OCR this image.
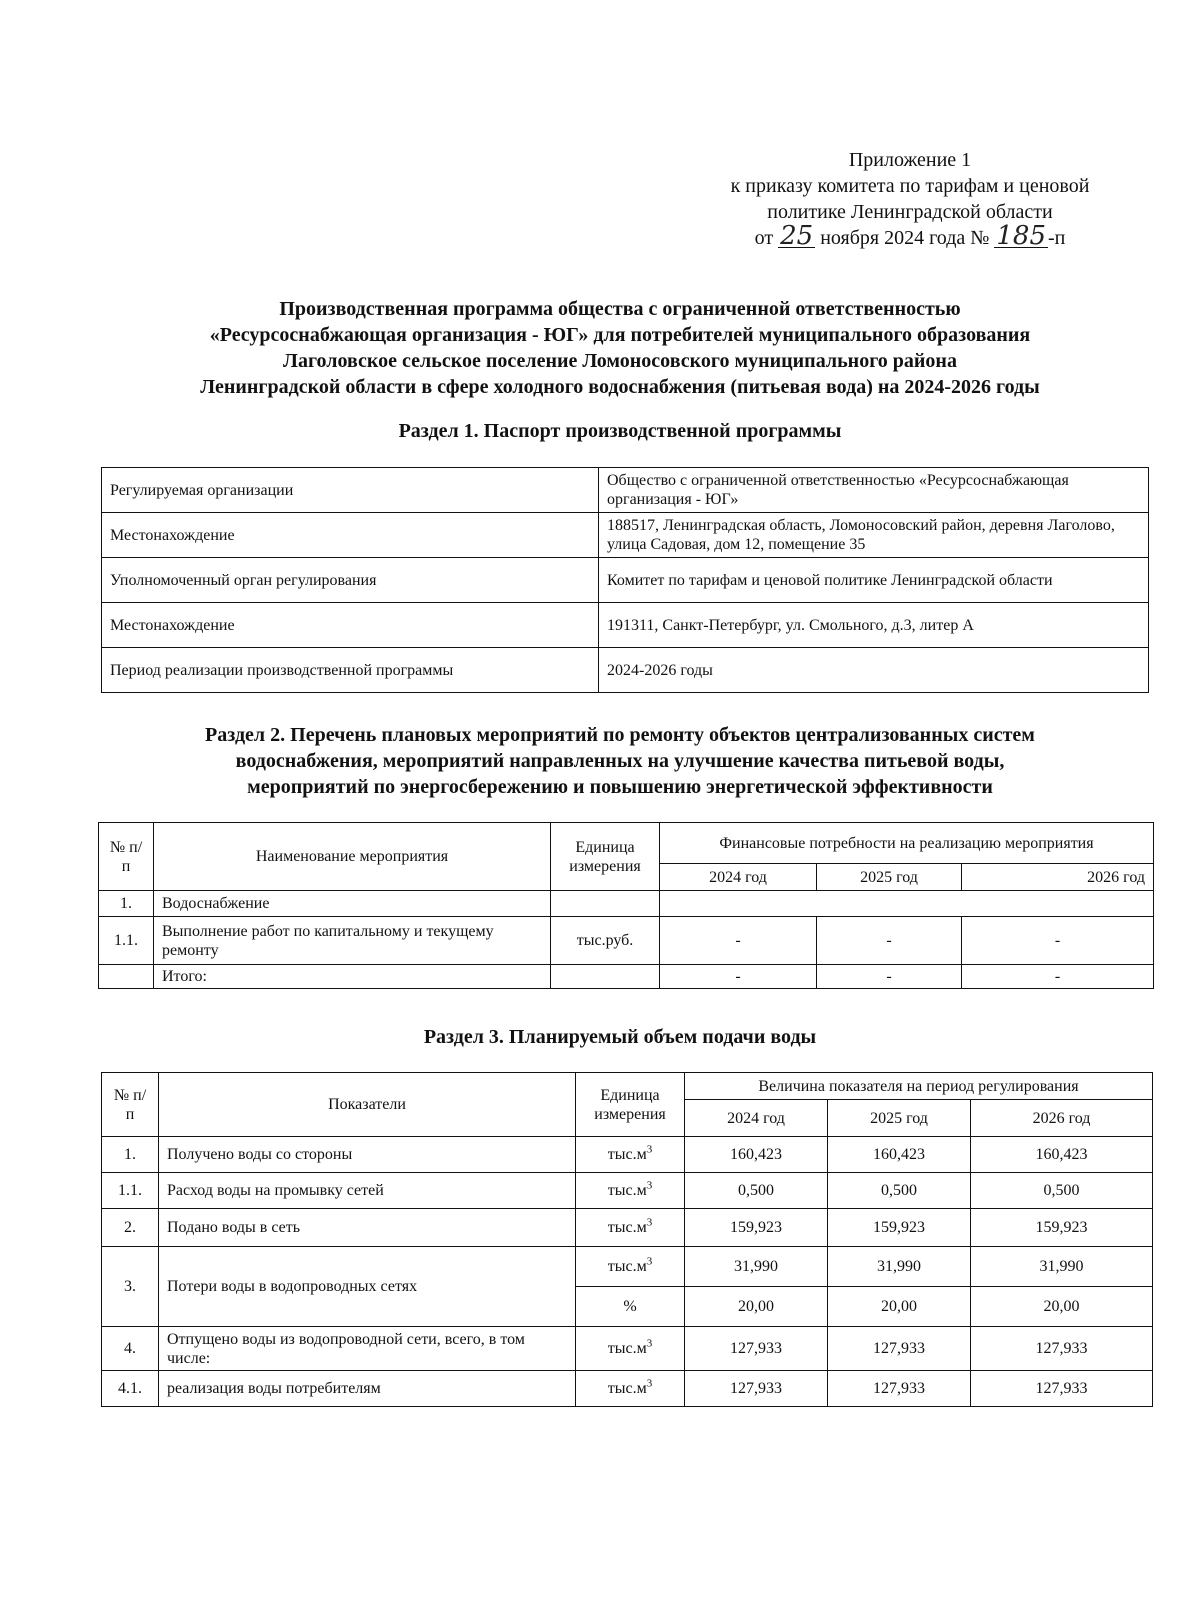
Приложение 1
к приказу комитета по тарифам и ценовой
политике Ленинградской области
от 25 ноября 2024 года № 185 -п
Производственная программа общества с ограниченной ответственностью
«Ресурсоснабжающая организация - ЮГ» для потребителей муниципального образования
Лаголовское сельское поселение Ломоносовского муниципального района
Ленинградской области в сфере холодного водоснабжения (питьевая вода) на 2024-2026 годы
Раздел 1. Паспорт производственной программы
Регулируемая организации	Общество с ограниченной ответственностью «Ресурсоснабжающая организация - ЮГ»
Местонахождение	188517, Ленинградская область, Ломоносовский район, деревня Лаголово, улица Садовая, дом 12, помещение 35
Уполномоченный орган регулирования	Комитет по тарифам и ценовой политике Ленинградской области
Местонахождение	191311, Санкт-Петербург, ул. Смольного, д.3, литер А
Период реализации производственной программы	2024-2026 годы
Раздел 2. Перечень плановых мероприятий по ремонту объектов централизованных систем
водоснабжения, мероприятий направленных на улучшение качества питьевой воды,
мероприятий по энергосбережению и повышению энергетической эффективности
№ п/п	Наименование мероприятия	Единица измерения	Финансовые потребности на реализацию мероприятия		
			2024 год	2025 год	2026 год
1.	Водоснабжение				
1.1.	Выполнение работ по капитальному и текущему ремонту	тыс.руб.	-	-	-
	Итого:		-	-	-
Раздел 3. Планируемый объем подачи воды
№ п/п	Показатели	Единица измерения	Величина показателя на период регулирования		
			2024 год	2025 год	2026 год
1.	Получено воды со стороны	$тыс.м^3$	160,423	160,423	160,423
1.1.	Расход воды на промывку сетей	$тыс.м^3$	0,500	0,500	0,500
2.	Подано воды в сеть	$тыс.м^3$	159,923	159,923	159,923
3.	Потери воды в водопроводных сетях	$тыс.м^3$	31,990	31,990	31,990
		%	20,00	20,00	20,00
4.	Отпущено воды из водопроводной сети, всего, в том числе:	$тыс.м^3$	127,933	127,933	127,933
4.1.	реализация воды потребителям	$тыс.м^3$	127,933	127,933	127,933
